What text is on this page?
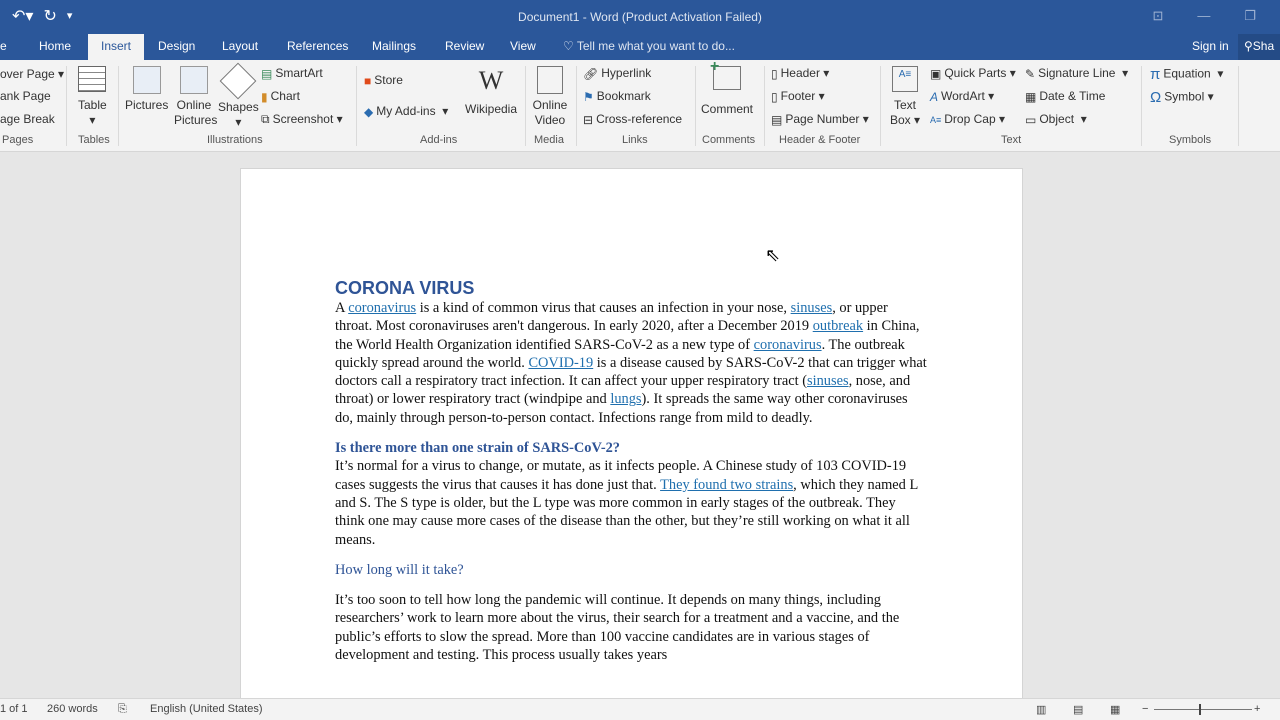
↶▾ ↻ ▾	Document1 - Word (Product Activation Failed)	⊡	—	❐
e	Home	Insert	Design Layout References Mailings Review View ♡ Tell me what you want to do...	Sign in	⚲Sha
over Page ▾
ank Page
age Break
Pages
Table
▾
Tables
Pictures Online Pictures
Shapes
▾
▤ SmartArt
▮ Chart
⧉ Screenshot ▾
Illustrations
■ Store
◆ My Add-ins  ▾
W
Wikipedia
Add-ins
Online Video
Media
🔗︎ Hyperlink
⚑ Bookmark
⊟ Cross-reference
Links
+
Comment
Comments
▯ Header ▾
▯ Footer ▾
▤ Page Number ▾
Header & Footer
A≡
Text Box ▾
▣ Quick Parts ▾
A WordArt ▾
A≡ Drop Cap ▾
✎ Signature Line  ▾
▦ Date & Time
▭ Object  ▾
Text
π Equation  ▾
Ω Symbol ▾
Symbols
CORONA VIRUS

A coronavirus is a kind of common virus that causes an infection in your nose, sinuses, or upper throat. Most coronaviruses aren't dangerous. In early 2020, after a December 2019 outbreak in China, the World Health Organization identified SARS-CoV-2 as a new type of coronavirus. The outbreak quickly spread around the world. COVID-19 is a disease caused by SARS-CoV-2 that can trigger what doctors call a respiratory tract infection. It can affect your upper respiratory tract (sinuses, nose, and throat) or lower respiratory tract (windpipe and lungs). It spreads the same way other coronaviruses do, mainly through person-to-person contact. Infections range from mild to deadly.

Is there more than one strain of SARS-CoV-2?

It’s normal for a virus to change, or mutate, as it infects people. A Chinese study of 103 COVID-19 cases suggests the virus that causes it has done just that. They found two strains, which they named L and S. The S type is older, but the L type was more common in early stages of the outbreak. They think one may cause more cases of the disease than the other, but they’re still working on what it all means.

How long will it take?

It’s too soon to tell how long the pandemic will continue. It depends on many things, including researchers’ work to learn more about the virus, their search for a treatment and a vaccine, and the public’s efforts to slow the spread. More than 100 vaccine candidates are in various stages of development and testing. This process usually takes years

⇖
1 of 1 260 words ⎘ English (United States)	▥ ▤ ▦ −	+
